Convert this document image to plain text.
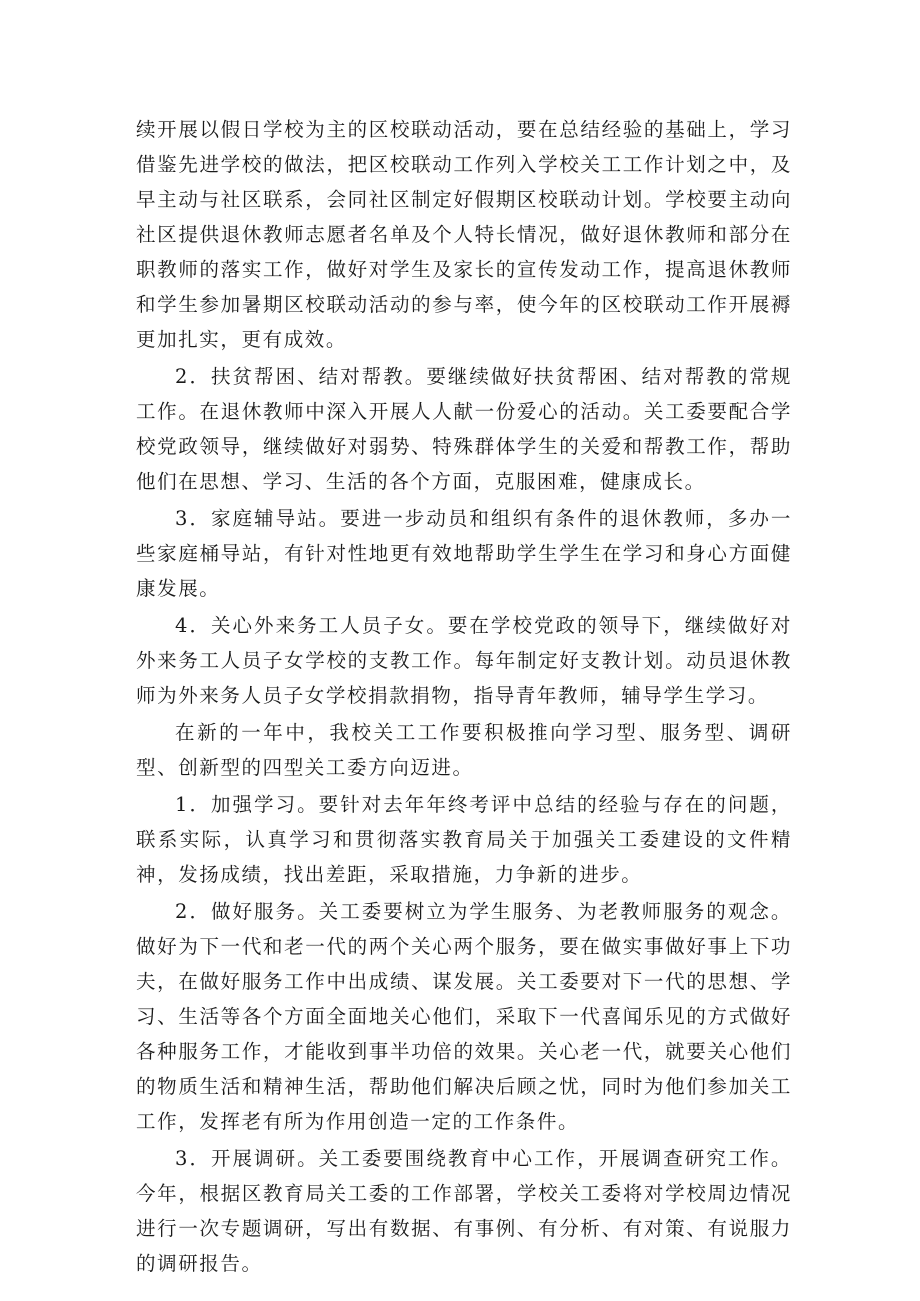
续开展以假日学校为主的区校联动活动，要在总结经验的基础上，学习借鉴先进学校的做法，把区校联动工作列入学校关工工作计划之中，及早主动与社区联系，会同社区制定好假期区校联动计划。学校要主动向社区提供退休教师志愿者名单及个人特长情况，做好退休教师和部分在职教师的落实工作，做好对学生及家长的宣传发动工作，提高退休教师和学生参加暑期区校联动活动的参与率，使今年的区校联动工作开展褥更加扎实，更有成效。

2．扶贫帮困、结对帮教。要继续做好扶贫帮困、结对帮教的常规工作。在退休教师中深入开展人人献一份爱心的活动。关工委要配合学校党政领导，继续做好对弱势、特殊群体学生的关爱和帮教工作，帮助他们在思想、学习、生活的各个方面，克服困难，健康成长。

3．家庭辅导站。要进一步动员和组织有条件的退休教师，多办一些家庭桶导站，有针对性地更有效地帮助学生学生在学习和身心方面健康发展。

4．关心外来务工人员子女。要在学校党政的领导下，继续做好对外来务工人员子女学校的支教工作。每年制定好支教计划。动员退休教师为外来务人员子女学校捐款捐物，指导青年教师，辅导学生学习。

在新的一年中，我校关工工作要积极推向学习型、服务型、调研型、创新型的四型关工委方向迈进。

1．加强学习。要针对去年年终考评中总结的经验与存在的问题，联系实际，认真学习和贯彻落实教育局关于加强关工委建设的文件精神，发扬成绩，找出差距，采取措施，力争新的进步。

2．做好服务。关工委要树立为学生服务、为老教师服务的观念。做好为下一代和老一代的两个关心两个服务，要在做实事做好事上下功夫，在做好服务工作中出成绩、谋发展。关工委要对下一代的思想、学习、生活等各个方面全面地关心他们，采取下一代喜闻乐见的方式做好各种服务工作，才能收到事半功倍的效果。关心老一代，就要关心他们的物质生活和精神生活，帮助他们解决后顾之忧，同时为他们参加关工工作，发挥老有所为作用创造一定的工作条件。

3．开展调研。关工委要围绕教育中心工作，开展调查研究工作。今年，根据区教育局关工委的工作部署，学校关工委将对学校周边情况进行一次专题调研，写出有数据、有事例、有分析、有对策、有说服力的调研报告。
